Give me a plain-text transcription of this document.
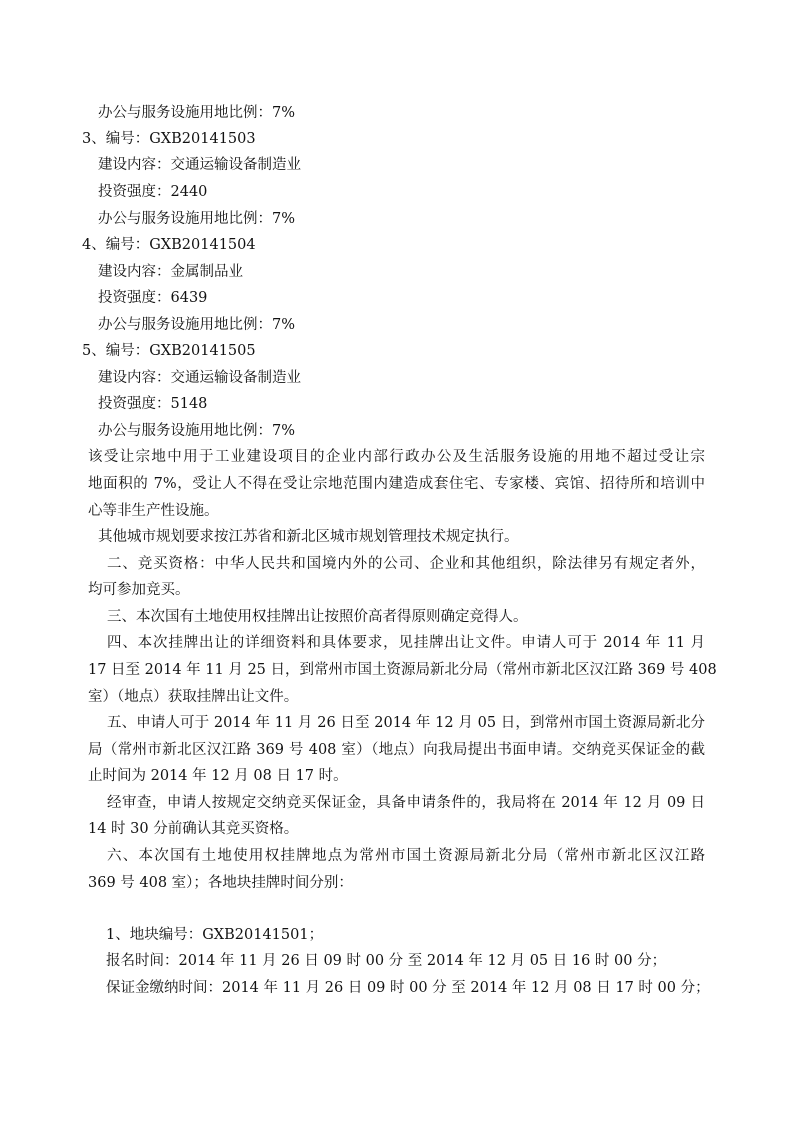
办公与服务设施用地比例：7%
3、编号：GXB20141503
建设内容：交通运输设备制造业
投资强度：2440
办公与服务设施用地比例：7%
4、编号：GXB20141504
建设内容：金属制品业
投资强度：6439
办公与服务设施用地比例：7%
5、编号：GXB20141505
建设内容：交通运输设备制造业
投资强度：5148
办公与服务设施用地比例：7%
该受让宗地中用于工业建设项目的企业内部行政办公及生活服务设施的用地不超过受让宗
地面积的 7%，受让人不得在受让宗地范围内建造成套住宅、专家楼、宾馆、招待所和培训中
心等非生产性设施。
其他城市规划要求按江苏省和新北区城市规划管理技术规定执行。
二、竞买资格：中华人民共和国境内外的公司、企业和其他组织，除法律另有规定者外，
均可参加竞买。
三、本次国有土地使用权挂牌出让按照价高者得原则确定竞得人。
四、本次挂牌出让的详细资料和具体要求，见挂牌出让文件。申请人可于 2014 年 11 月
17 日至 2014 年 11 月 25 日，到常州市国土资源局新北分局（常州市新北区汉江路 369 号 408
室）（地点）获取挂牌出让文件。
五、申请人可于 2014 年 11 月 26 日至 2014 年 12 月 05 日，到常州市国土资源局新北分
局（常州市新北区汉江路 369 号 408 室）（地点）向我局提出书面申请。交纳竞买保证金的截
止时间为 2014 年 12 月 08 日 17 时。
经审查，申请人按规定交纳竞买保证金，具备申请条件的，我局将在 2014 年 12 月 09 日
14 时 30 分前确认其竞买资格。
六、本次国有土地使用权挂牌地点为常州市国土资源局新北分局（常州市新北区汉江路
369 号 408 室）；各地块挂牌时间分别：
1、地块编号：GXB20141501；
报名时间：2014 年 11 月 26 日 09 时 00 分 至 2014 年 12 月 05 日 16 时 00 分；
保证金缴纳时间：2014 年 11 月 26 日 09 时 00 分 至 2014 年 12 月 08 日 17 时 00 分；
